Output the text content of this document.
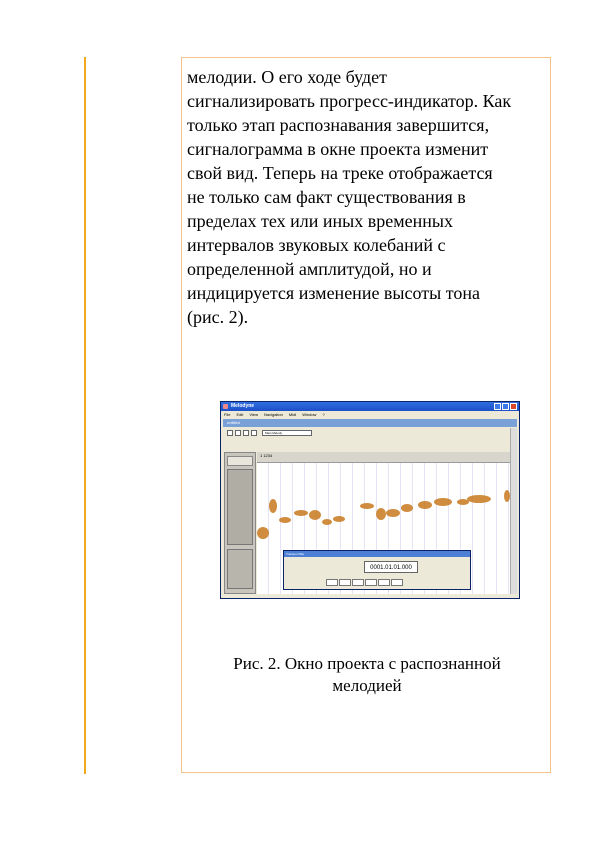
мелодии. О его ходе будет
сигнализировать прогресс-индикатор. Как
только этап распознавания завершится,
сигналограмма в окне проекта изменит
свой вид. Теперь на треке отображается
не только сам факт существования в
пределах тех или иных временных
интервалов звуковых колебаний с
определенной амплитудой, но и
индицируется изменение высоты тона
(рис. 2).

Melodyne
File Edit View Navigation Midi Window ?
untitled
Main Melody
1 1234
Transport Bar
0001.01.01.000

Рис. 2. Окно проекта с распознанной
мелодией
